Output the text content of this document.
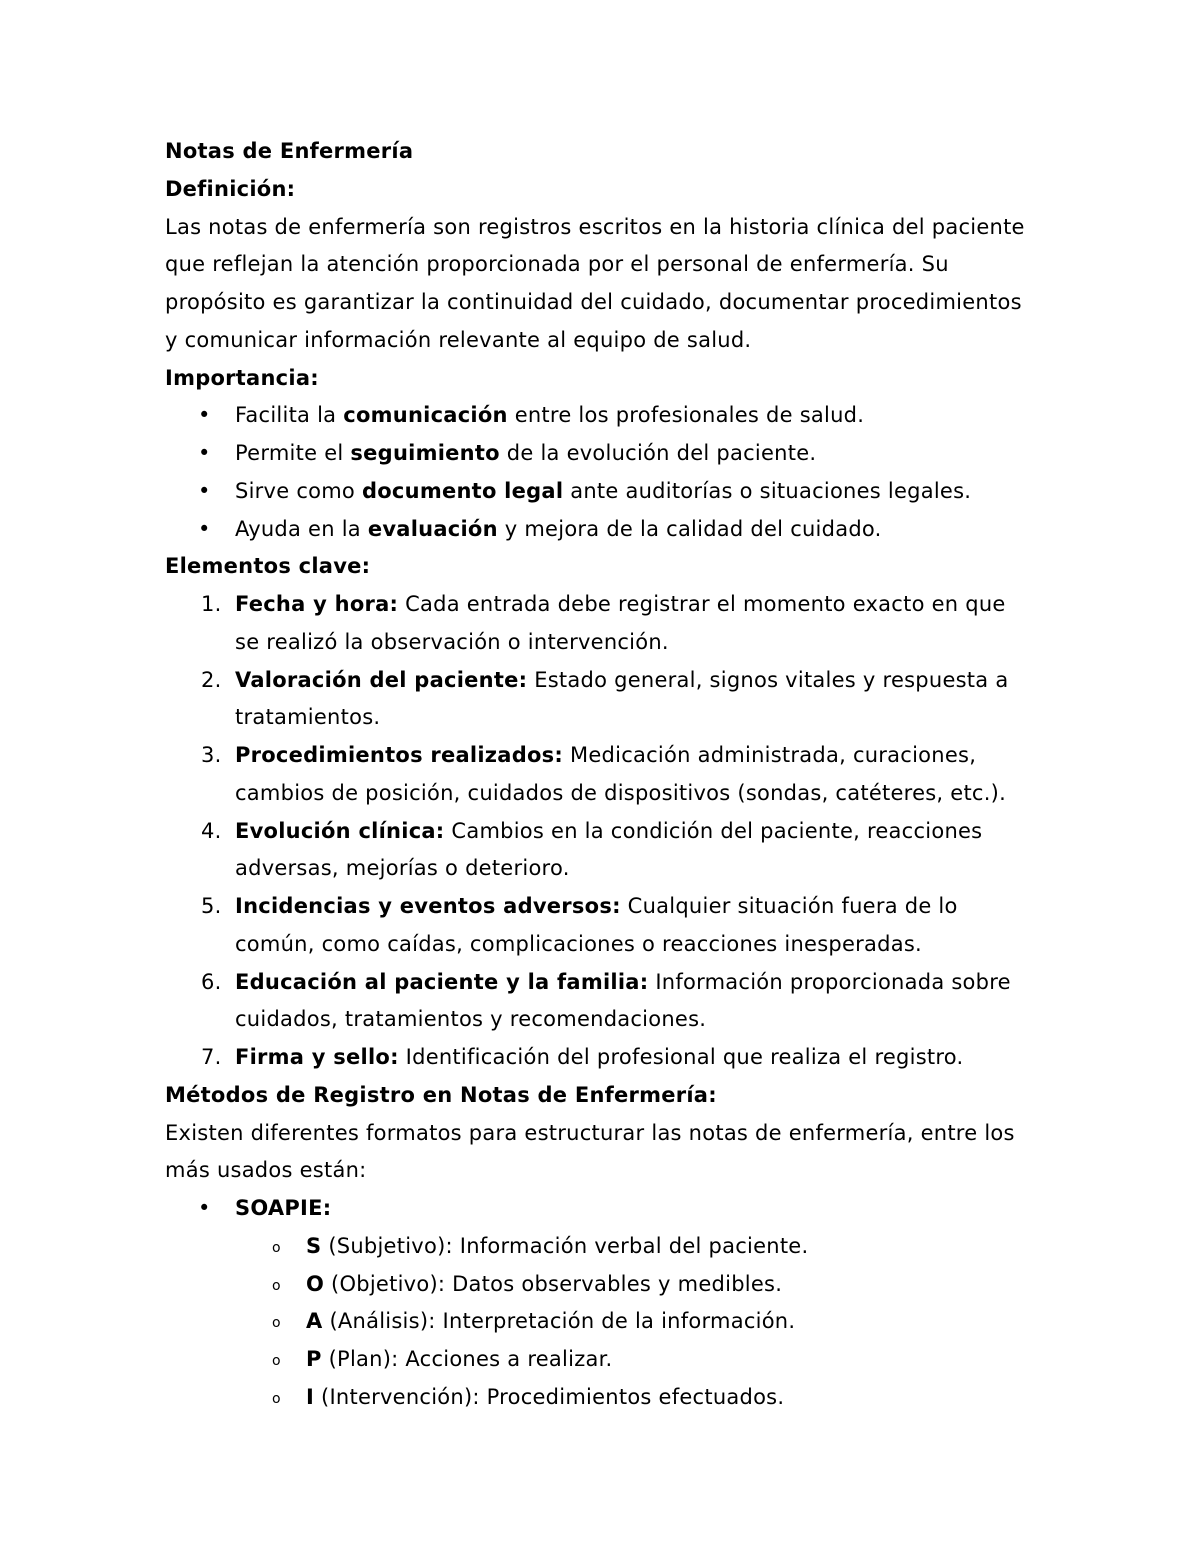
Notas de Enfermería
Definición:
Las notas de enfermería son registros escritos en la historia clínica del paciente
que reflejan la atención proporcionada por el personal de enfermería. Su
propósito es garantizar la continuidad del cuidado, documentar procedimientos
y comunicar información relevante al equipo de salud.
Importancia:
• Facilita la comunicación entre los profesionales de salud.
• Permite el seguimiento de la evolución del paciente.
• Sirve como documento legal ante auditorías o situaciones legales.
• Ayuda en la evaluación y mejora de la calidad del cuidado.
Elementos clave:
1. Fecha y hora: Cada entrada debe registrar el momento exacto en que
se realizó la observación o intervención.
2. Valoración del paciente: Estado general, signos vitales y respuesta a
tratamientos.
3. Procedimientos realizados: Medicación administrada, curaciones,
cambios de posición, cuidados de dispositivos (sondas, catéteres, etc.).
4. Evolución clínica: Cambios en la condición del paciente, reacciones
adversas, mejorías o deterioro.
5. Incidencias y eventos adversos: Cualquier situación fuera de lo
común, como caídas, complicaciones o reacciones inesperadas.
6. Educación al paciente y la familia: Información proporcionada sobre
cuidados, tratamientos y recomendaciones.
7. Firma y sello: Identificación del profesional que realiza el registro.
Métodos de Registro en Notas de Enfermería:
Existen diferentes formatos para estructurar las notas de enfermería, entre los
más usados están:
• SOAPIE:
o S (Subjetivo): Información verbal del paciente.
o O (Objetivo): Datos observables y medibles.
o A (Análisis): Interpretación de la información.
o P (Plan): Acciones a realizar.
o I (Intervención): Procedimientos efectuados.
